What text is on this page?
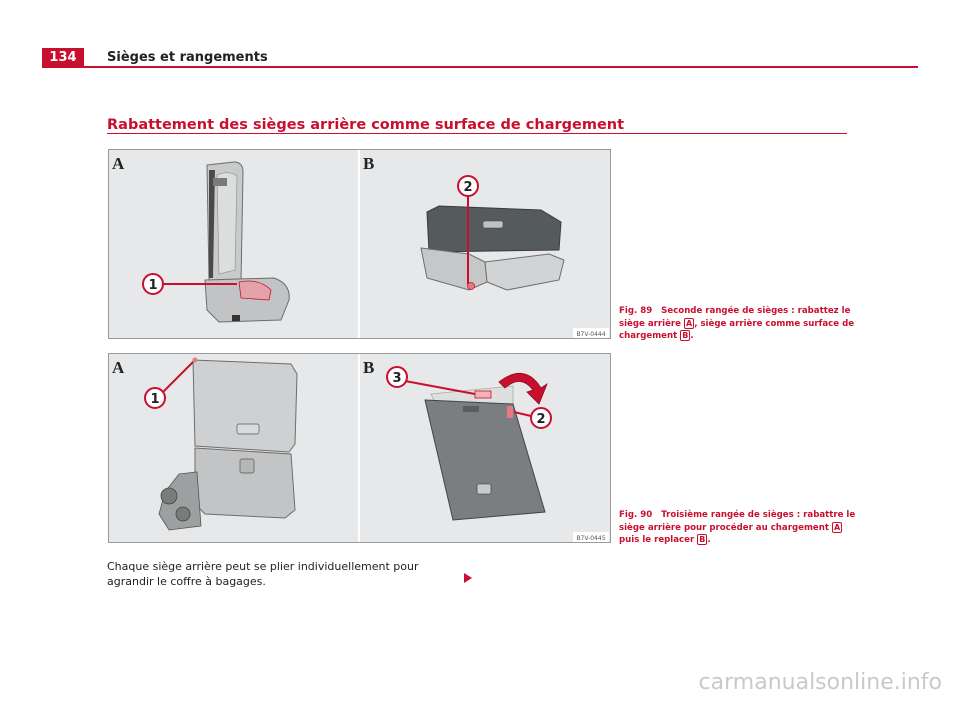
134	Sièges et rangements
Rabattement des sièges arrière comme surface de chargement
A	B
1
2
B7V-0444
A	B
1
3
2
B7V-0445
Fig. 89 Seconde rangée de sièges : rabattez le siège arrière A , siège arrière comme surface de chargement B .
Fig. 90 Troisième rangée de sièges : rabattre le siège arrière pour procéder au chargement A puis le replacer B .
Chaque siège arrière peut se plier individuellement pour agrandir le coffre à bagages.
carmanualsonline.info
